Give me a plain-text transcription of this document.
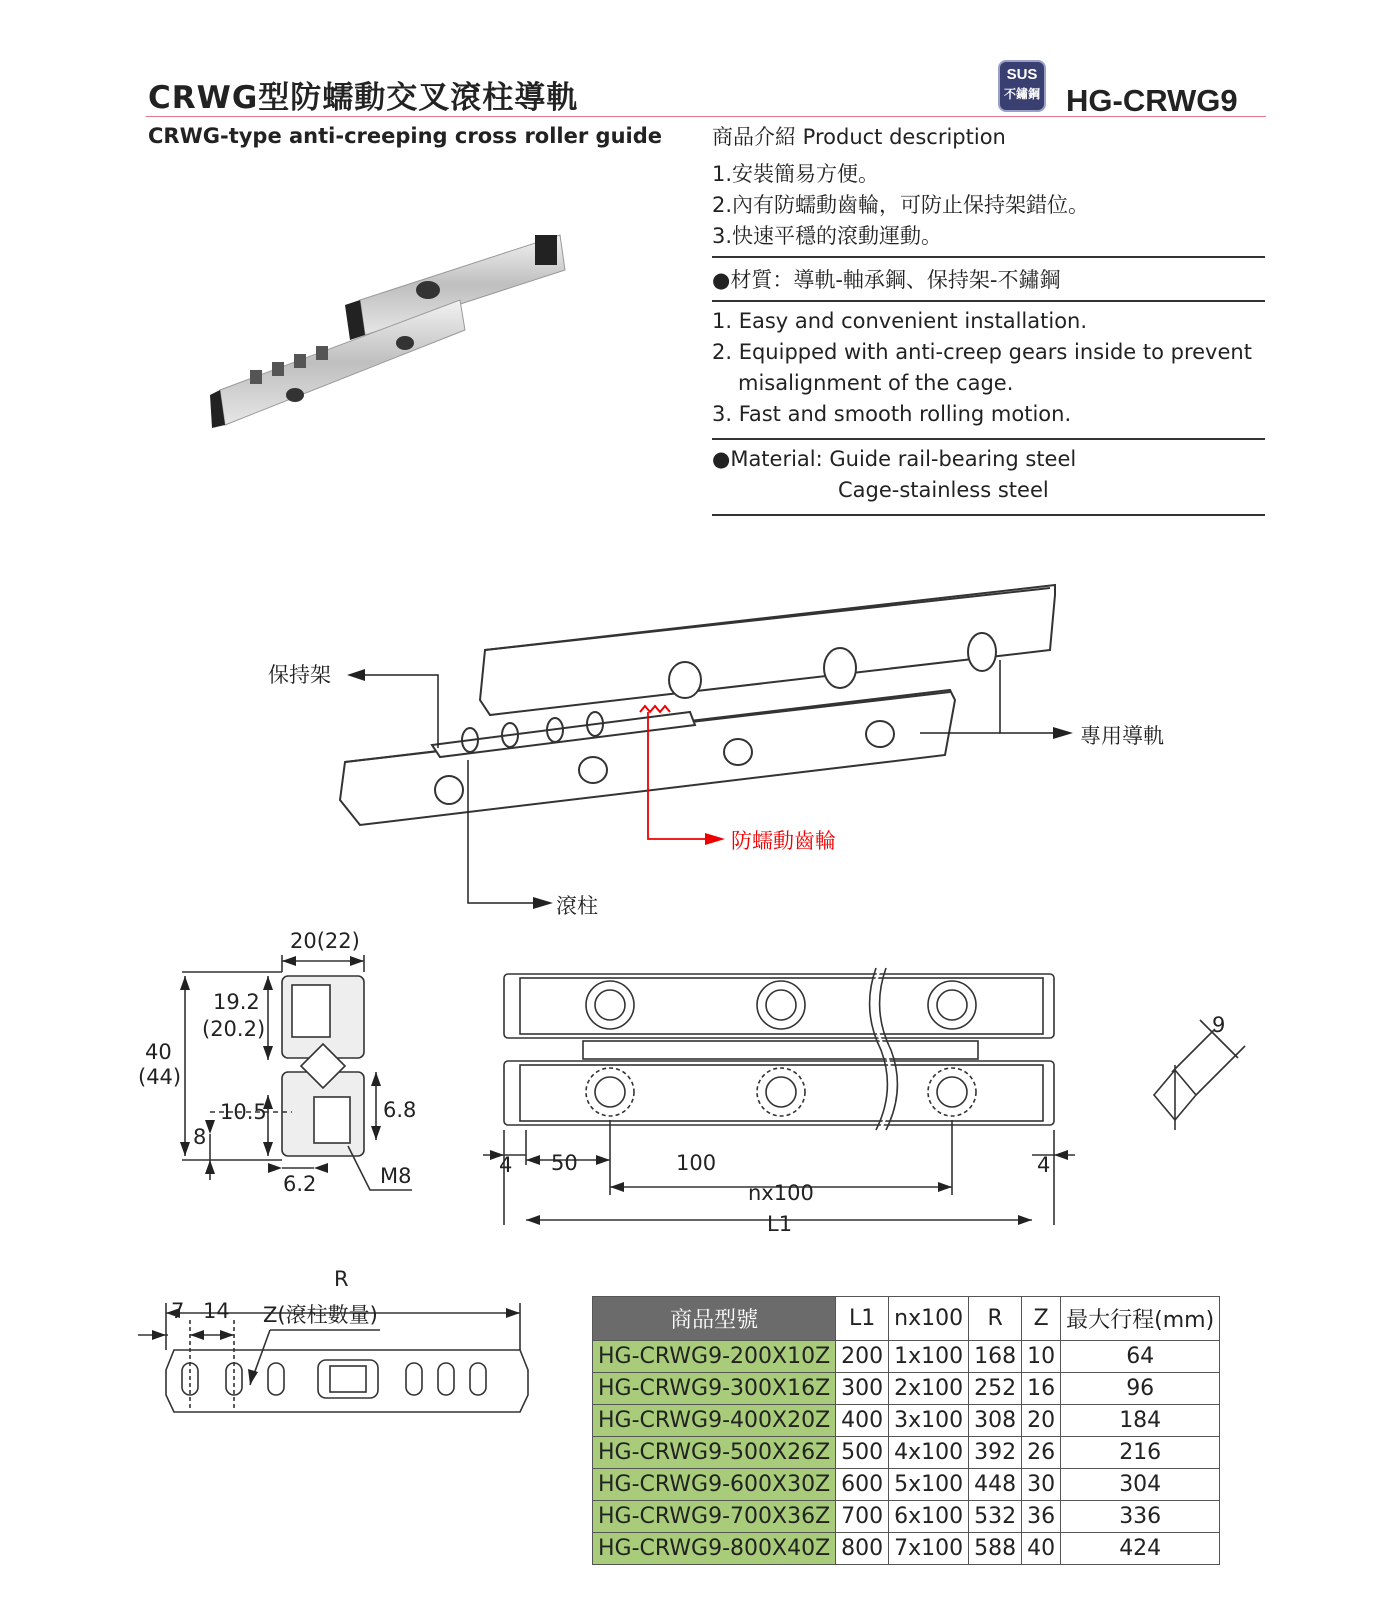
CRWG型防蠕動交叉滾柱導軌
CRWG-type anti-creeping cross roller guide
SUS
不鏽鋼 HG-CRWG9
商品介紹 Product description
1.安裝簡易方便。
2.內有防蠕動齒輪，可防止保持架錯位。
3.快速平穩的滾動運動。
●材質：導軌-軸承鋼、保持架-不鏽鋼
1. Easy and convenient installation.
2. Equipped with anti-creep gears inside to prevent
misalignment of the cage.
3. Fast and smooth rolling motion.
●Material: Guide rail-bearing steel
Cage-stainless steel
保持架
專用導軌
防蠕動齒輪
滾柱
20(22)
19.2
(20.2)
40
(44)
10.5
8
6.8
6.2	M8	4 50	100	4
nx100
L1
9
R
7 14 Z(滾柱數量)	商品型號	L1	nx100	R	Z	最大行程(mm)
HG-CRWG9-200X10Z	200	1x100	168	10	64
HG-CRWG9-300X16Z	300	2x100	252	16	96
HG-CRWG9-400X20Z	400	3x100	308	20	184
HG-CRWG9-500X26Z	500	4x100	392	26	216
HG-CRWG9-600X30Z	600	5x100	448	30	304
HG-CRWG9-700X36Z	700	6x100	532	36	336
HG-CRWG9-800X40Z	800	7x100	588	40	424
